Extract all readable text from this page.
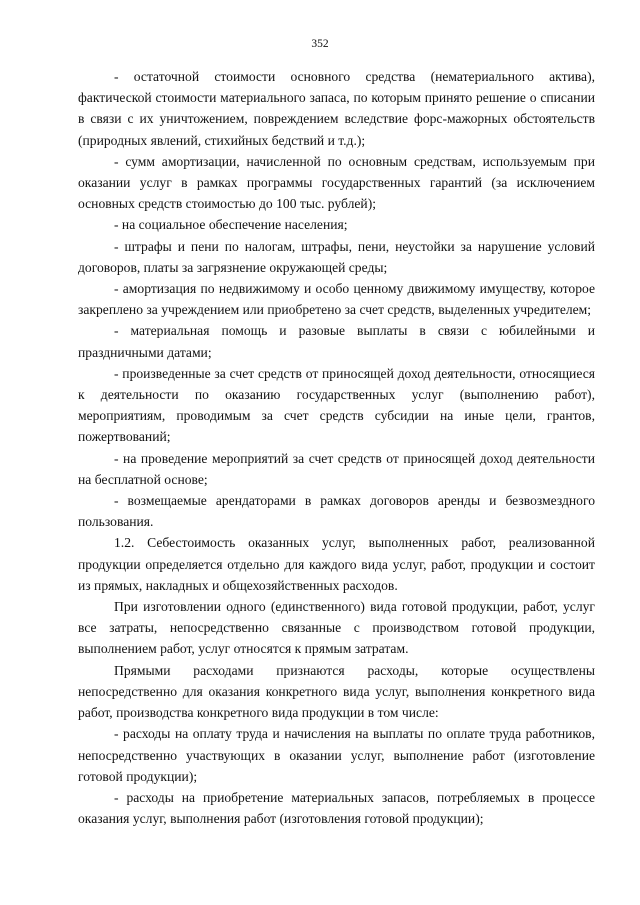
352

- остаточной стоимости основного средства (нематериального актива), фактической стоимости материального запаса, по которым принято решение о списании в связи с их уничтожением, повреждением вследствие форс-мажорных обстоятельств (природных явлений, стихийных бедствий и т.д.);

- сумм амортизации, начисленной по основным средствам, используемым при оказании услуг в рамках программы государственных гарантий (за исключением основных средств стоимостью до 100 тыс. рублей);

- на социальное обеспечение населения;

- штрафы и пени по налогам, штрафы, пени, неустойки за нарушение условий договоров, платы за загрязнение окружающей среды;

- амортизация по недвижимому и особо ценному движимому имуществу, которое закреплено за учреждением или приобретено за счет средств, выделенных учредителем;

- материальная помощь и разовые выплаты в связи с юбилейными и праздничными датами;

- произведенные за счет средств от приносящей доход деятельности, относящиеся к деятельности по оказанию государственных услуг (выполнению работ), мероприятиям, проводимым за счет средств субсидии на иные цели, грантов, пожертвований;

- на проведение мероприятий за счет средств от приносящей доход деятельности на бесплатной основе;

- возмещаемые арендаторами в рамках договоров аренды и безвозмездного пользования.

1.2. Себестоимость оказанных услуг, выполненных работ, реализованной продукции определяется отдельно для каждого вида услуг, работ, продукции и состоит из прямых, накладных и общехозяйственных расходов.

При изготовлении одного (единственного) вида готовой продукции, работ, услуг все затраты, непосредственно связанные с производством готовой продукции, выполнением работ, услуг относятся к прямым затратам.

Прямыми расходами признаются расходы, которые осуществлены непосредственно для оказания конкретного вида услуг, выполнения конкретного вида работ, производства конкретного вида продукции в том числе:

- расходы на оплату труда и начисления на выплаты по оплате труда работников, непосредственно участвующих в оказании услуг, выполнение работ (изготовление готовой продукции);

- расходы на приобретение материальных запасов, потребляемых в процессе оказания услуг, выполнения работ (изготовления готовой продукции);
